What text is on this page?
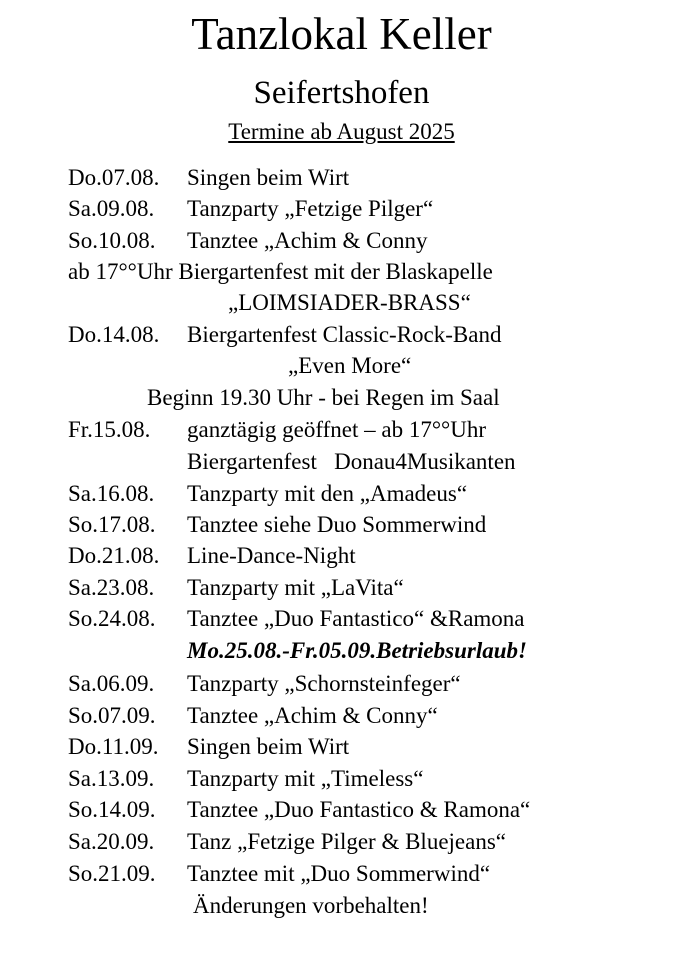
Tanzlokal Keller
Seifertshofen
Termine ab August 2025
Do.07.08. Singen beim Wirt
Sa.09.08. Tanzparty „Fetzige Pilger“
So.10.08. Tanztee „Achim & Conny
ab 17°°Uhr Biergartenfest mit der Blaskapelle
„LOIMSIADER-BRASS“
Do.14.08. Biergartenfest Classic-Rock-Band
„Even More“
Beginn 19.30 Uhr - bei Regen im Saal
Fr.15.08. ganztägig geöffnet – ab 17°°Uhr
Biergartenfest   Donau4Musikanten
Sa.16.08. Tanzparty mit den „Amadeus“
So.17.08. Tanztee siehe Duo Sommerwind
Do.21.08. Line-Dance-Night
Sa.23.08. Tanzparty mit „LaVita“
So.24.08. Tanztee „Duo Fantastico“ &Ramona
Mo.25.08.-Fr.05.09.Betriebsurlaub!
Sa.06.09. Tanzparty „Schornsteinfeger“
So.07.09. Tanztee „Achim & Conny“
Do.11.09. Singen beim Wirt
Sa.13.09. Tanzparty mit „Timeless“
So.14.09. Tanztee „Duo Fantastico & Ramona“
Sa.20.09. Tanz „Fetzige Pilger & Bluejeans“
So.21.09. Tanztee mit „Duo Sommerwind“
Änderungen vorbehalten!
